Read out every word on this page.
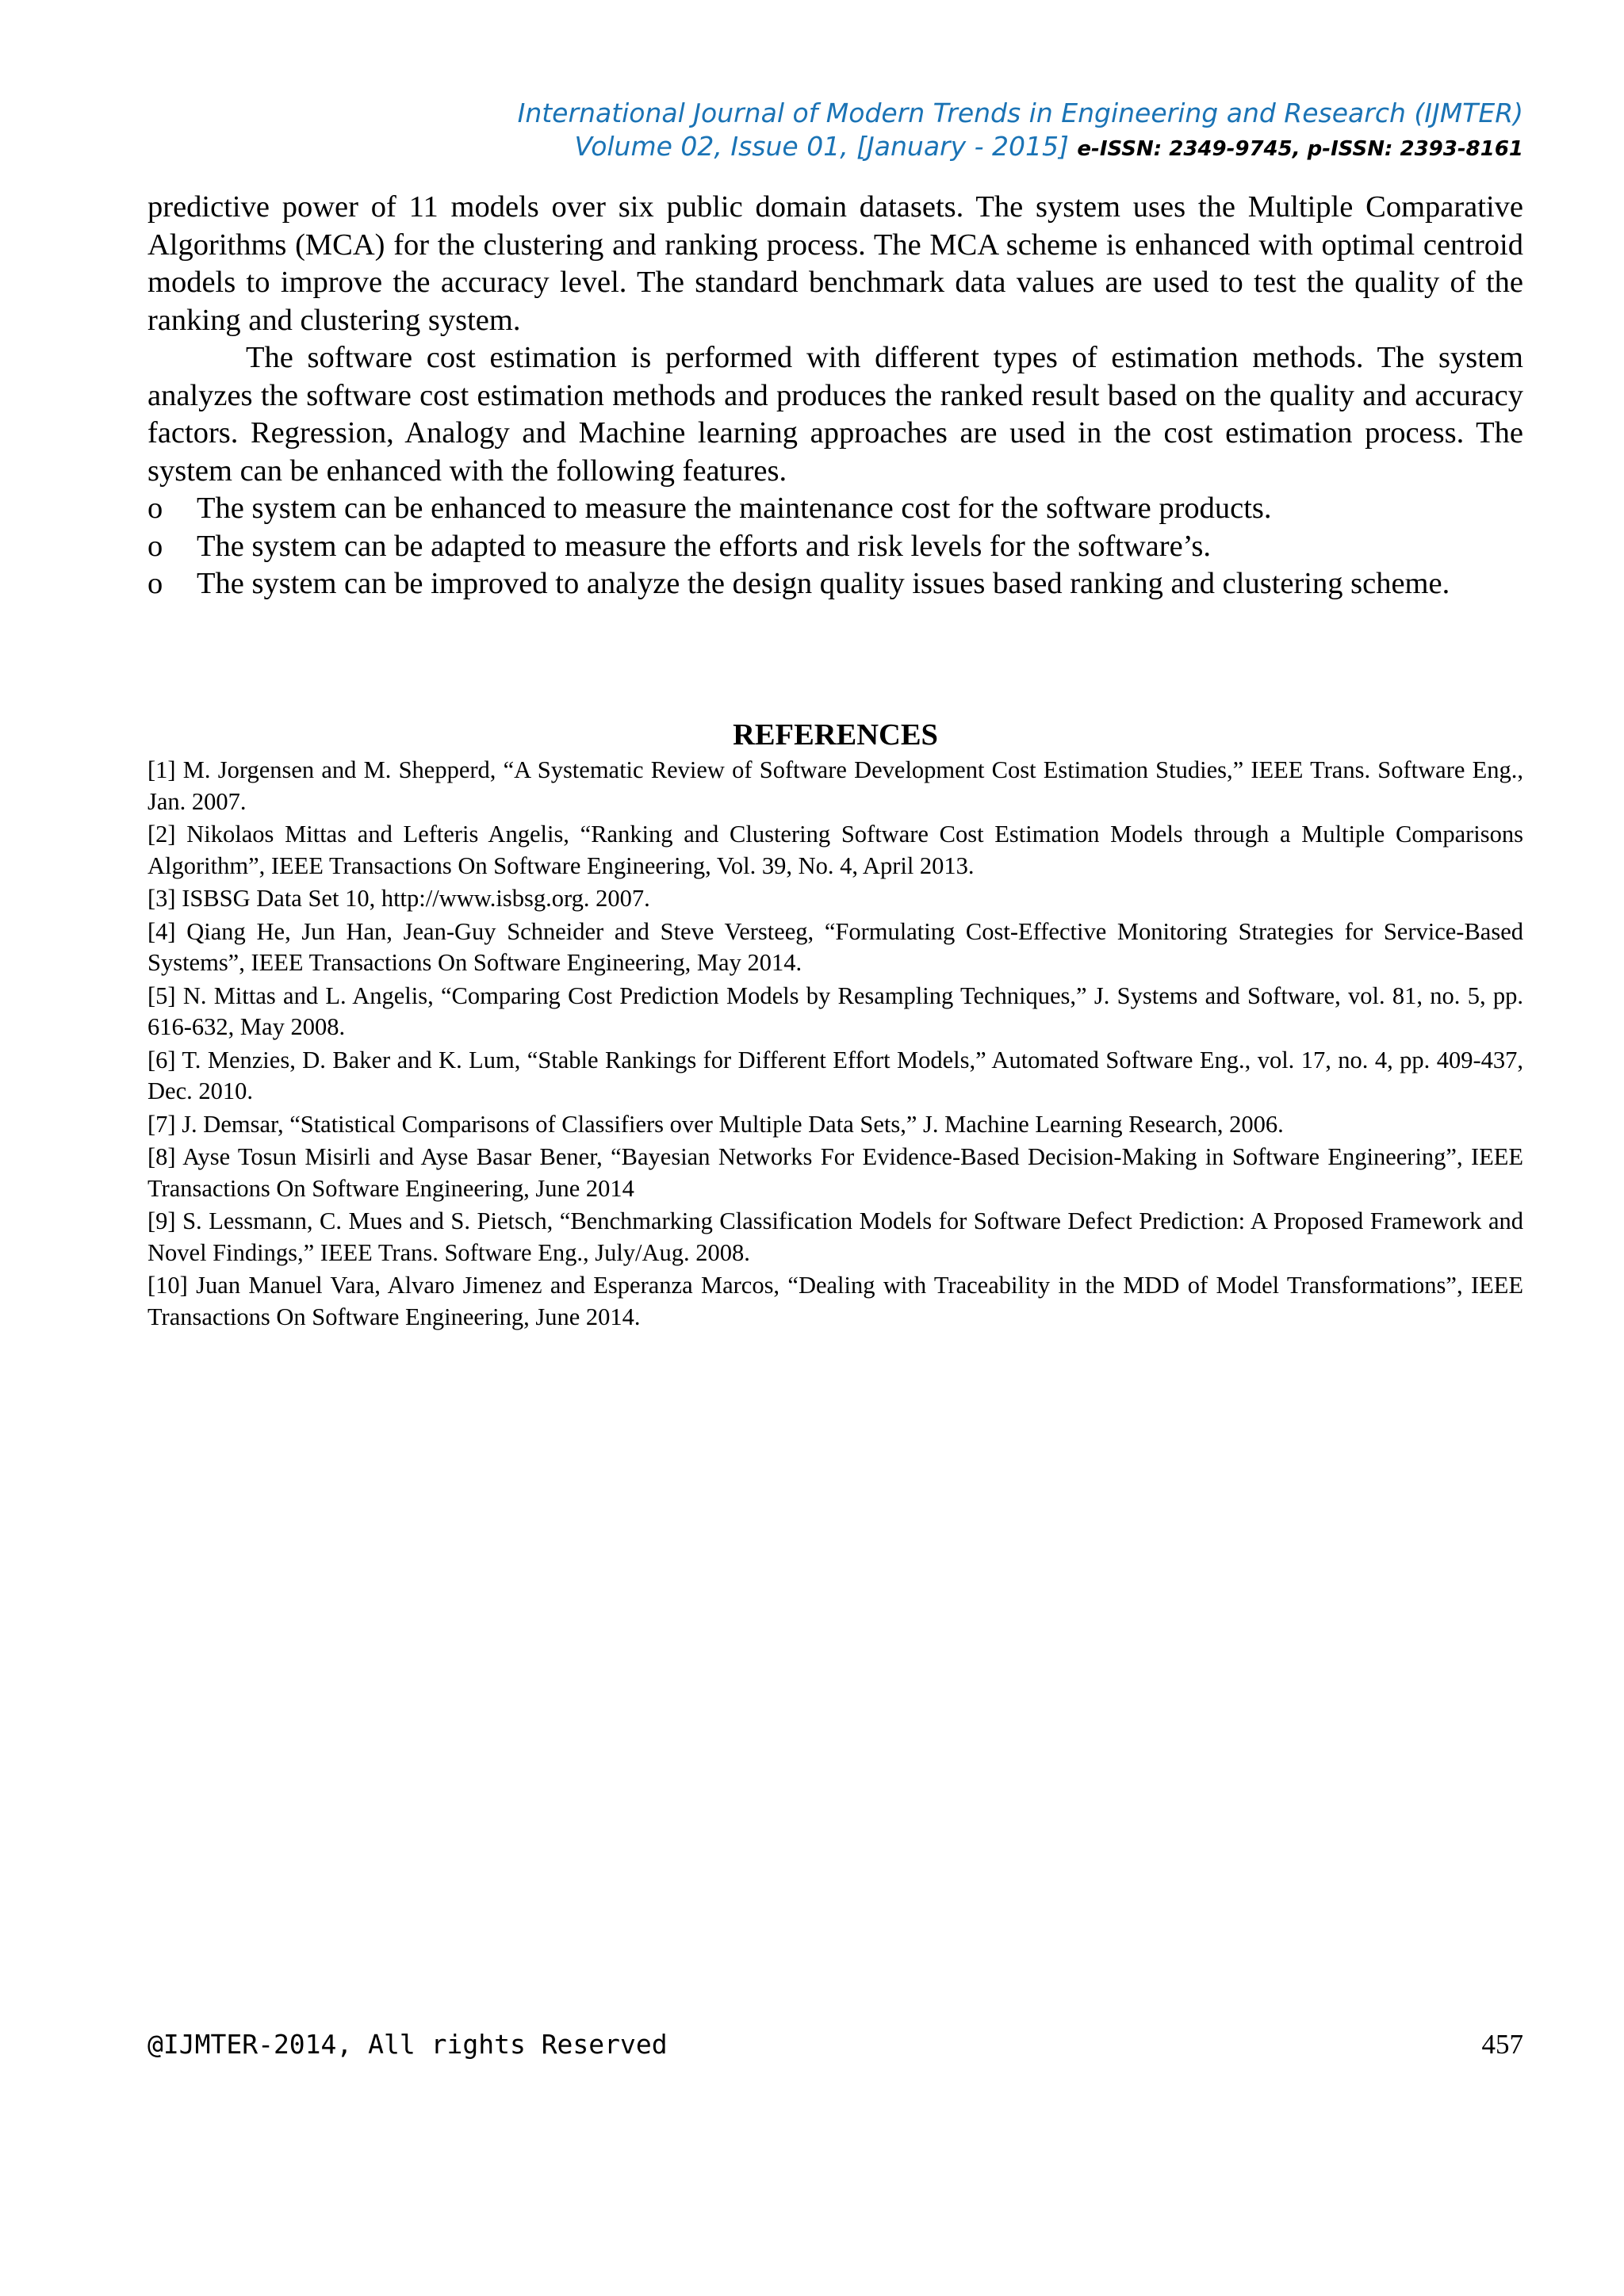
International Journal of Modern Trends in Engineering and Research (IJMTER)
Volume 02, Issue 01, [January - 2015] e-ISSN: 2349-9745, p-ISSN: 2393-8161

predictive power of 11 models over six public domain datasets. The system uses the Multiple Comparative Algorithms (MCA) for the clustering and ranking process. The MCA scheme is enhanced with optimal centroid models to improve the accuracy level. The standard benchmark data values are used to test the quality of the ranking and clustering system.

The software cost estimation is performed with different types of estimation methods. The system analyzes the software cost estimation methods and produces the ranked result based on the quality and accuracy factors. Regression, Analogy and Machine learning approaches are used in the cost estimation process. The system can be enhanced with the following features.

o The system can be enhanced to measure the maintenance cost for the software products.
o The system can be adapted to measure the efforts and risk levels for the software’s.
o The system can be improved to analyze the design quality issues based ranking and clustering scheme.
REFERENCES
[1] M. Jorgensen and M. Shepperd, “A Systematic Review of Software Development Cost Estimation Studies,” IEEE Trans. Software Eng., Jan. 2007.
[2] Nikolaos Mittas and Lefteris Angelis, “Ranking and Clustering Software Cost Estimation Models through a Multiple Comparisons Algorithm”, IEEE Transactions On Software Engineering, Vol. 39, No. 4, April 2013.
[3] ISBSG Data Set 10, http://www.isbsg.org. 2007.
[4] Qiang He, Jun Han, Jean-Guy Schneider and Steve Versteeg, “Formulating Cost-Effective Monitoring Strategies for Service-Based Systems”, IEEE Transactions On Software Engineering, May 2014.
[5] N. Mittas and L. Angelis, “Comparing Cost Prediction Models by Resampling Techniques,” J. Systems and Software, vol. 81, no. 5, pp. 616-632, May 2008.
[6] T. Menzies, D. Baker and K. Lum, “Stable Rankings for Different Effort Models,” Automated Software Eng., vol. 17, no. 4, pp. 409-437, Dec. 2010.
[7] J. Demsar, “Statistical Comparisons of Classifiers over Multiple Data Sets,” J. Machine Learning Research, 2006.
[8] Ayse Tosun Misirli and Ayse Basar Bener, “Bayesian Networks For Evidence-Based Decision-Making in Software Engineering”, IEEE Transactions On Software Engineering, June 2014
[9] S. Lessmann, C. Mues and S. Pietsch, “Benchmarking Classification Models for Software Defect Prediction: A Proposed Framework and Novel Findings,” IEEE Trans. Software Eng., July/Aug. 2008.
[10] Juan Manuel Vara, Alvaro Jimenez and Esperanza Marcos, “Dealing with Traceability in the MDD of Model Transformations”, IEEE Transactions On Software Engineering, June 2014.
@IJMTER-2014, All rights Reserved	457
